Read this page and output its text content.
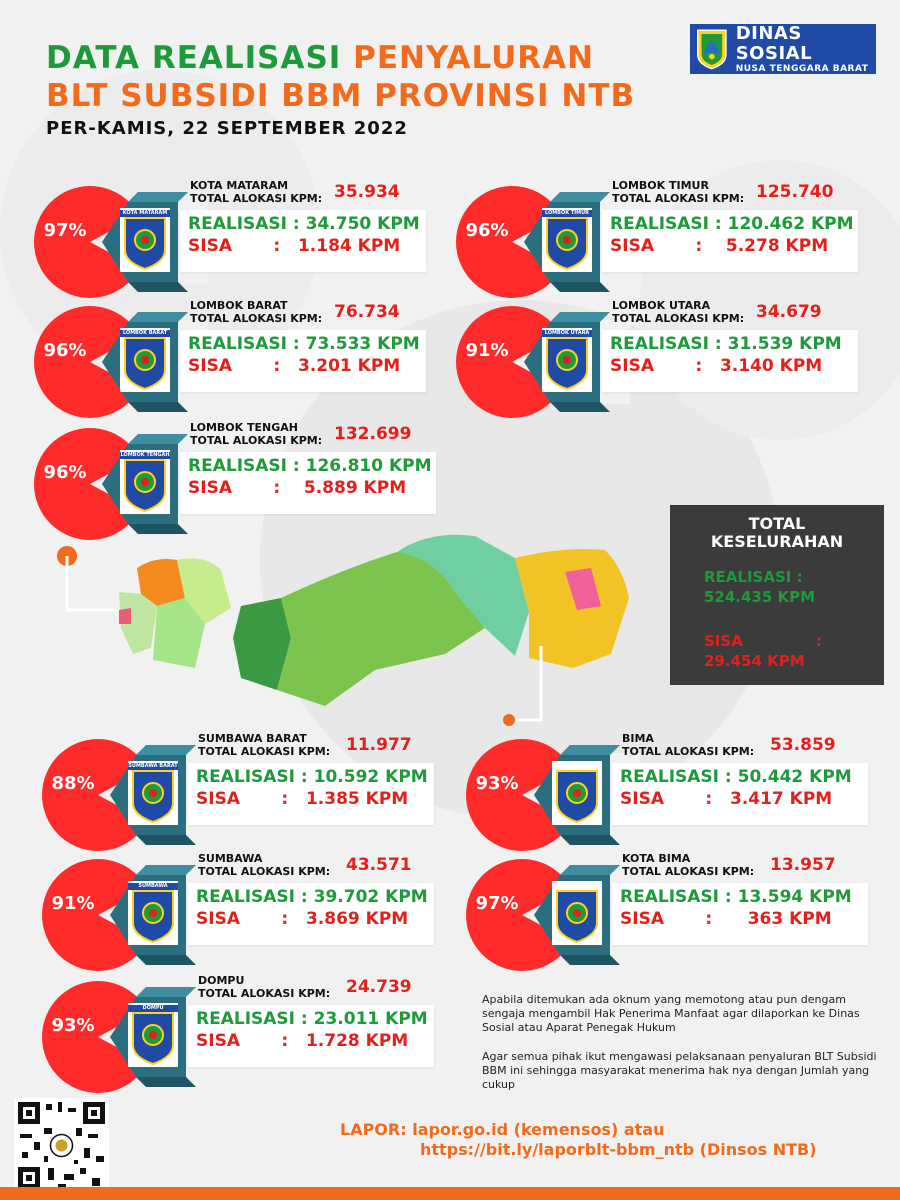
DATA REALISASI PENYALURAN
BLT SUBSIDI BBM PROVINSI NTB
PER-KAMIS, 22 SEPTEMBER 2022
DINAS SOSIAL
NUSA TENGGARA BARAT
97%
KOTA MATARAM
KOTA MATARAM
TOTAL ALOKASI KPM: 35.934
REALISASI : 34.750 KPM
SISA       :   1.184 KPM
96%
LOMBOK TIMUR
LOMBOK TIMUR
TOTAL ALOKASI KPM: 125.740
REALISASI : 120.462 KPM
SISA       :    5.278 KPM
96%
LOMBOK BARAT
LOMBOK BARAT
TOTAL ALOKASI KPM: 76.734
REALISASI : 73.533 KPM
SISA       :   3.201 KPM
91%
LOMBOK UTARA
LOMBOK UTARA
TOTAL ALOKASI KPM: 34.679
REALISASI : 31.539 KPM
SISA       :   3.140 KPM
96%
LOMBOK TENGAH
LOMBOK TENGAH
TOTAL ALOKASI KPM: 132.699
REALISASI : 126.810 KPM
SISA       :    5.889 KPM
88%
SUMBAWA BARAT
SUMBAWA BARAT
TOTAL ALOKASI KPM: 11.977
REALISASI : 10.592 KPM
SISA       :   1.385 KPM
93%
BIMA
TOTAL ALOKASI KPM: 53.859
REALISASI : 50.442 KPM
SISA       :   3.417 KPM
91%
SUMBAWA
SUMBAWA
TOTAL ALOKASI KPM: 43.571
REALISASI : 39.702 KPM
SISA       :   3.869 KPM
97%
KOTA BIMA
TOTAL ALOKASI KPM: 13.957
REALISASI : 13.594 KPM
SISA       :      363 KPM
93%
DOMPU
DOMPU
TOTAL ALOKASI KPM: 24.739
REALISASI : 23.011 KPM
SISA       :   1.728 KPM
TOTAL
KESELURAHAN
REALISASI :
524.435 KPM
SISA              :
29.454 KPM
Apabila ditemukan ada oknum yang memotong atau pun dengam sengaja mengambil Hak Penerima Manfaat agar dilaporkan ke Dinas Sosial atau Aparat Penegak Hukum
Agar semua pihak ikut mengawasi pelaksanaan penyaluran BLT Subsidi BBM ini sehingga masyarakat menerima hak nya dengan Jumlah yang cukup
LAPOR: lapor.go.id (kemensos) atau
https://bit.ly/laporblt-bbm_ntb (Dinsos NTB)
